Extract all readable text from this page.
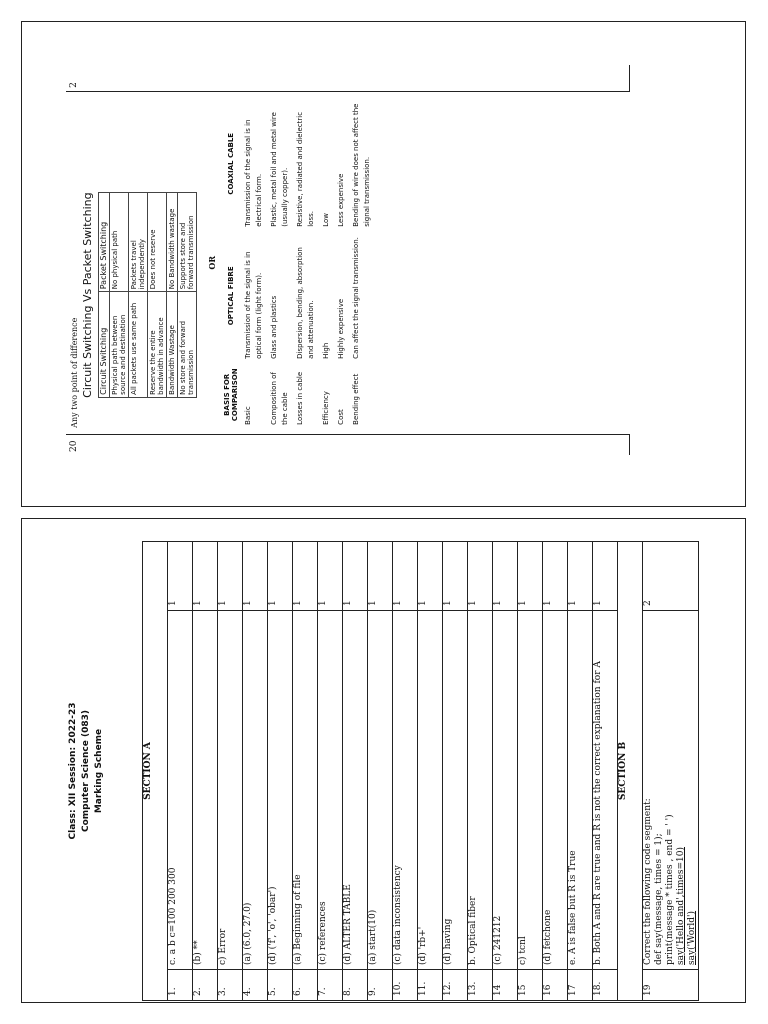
20	
Any two point of difference Circuit Switching Vs Packet Switching Circuit Switching	Packet Switching
Physical path between source and destination	No physical path
All packets use same path	Packets travel independently
Reserve the entire bandwidth in advance	Does not reserve
Bandwidth Wastage	No Bandwidth wastage
No store and forward transmission	Supports store and forward transmission OR
BASIS FOR COMPARISON	OPTICAL FIBRE	COAXIAL CABLE
Basic	Transmission of the signal is in optical form (light form).	Transmission of the signal is in electrical form.
Composition of the cable	Glass and plastics	Plastic, metal foil and metal wire (usually copper).
Losses in cable	Dispersion, bending, absorption and attenuation.	Resistive, radiated and dielectric loss.
Efficiency	High	Low
Cost	Highly expensive	Less expensive
Bending effect	Can affect the signal transmission.	Bending of wire does not affect the signal transmission.
	2
Class: XII Session: 2022-23 Computer Science (083) Marking Scheme	SECTION A		
1.	c. a b c=100 200 300	1
2.	(b) **	1
3.	c) Error	1
4.	(a) (6.0, 27.0)	1
5.	(d) ('f', 'o', 'obar')	1
6.	(a) Beginning of file	1
7.	(c) references	1
8.	(d) ALTER TABLE	1
9.	(a) start(10)	1
10.	(c) data inconsistency	1
11.	(d) 'rb+'	1
12.	(d) having	1
13.	b. Optical fiber	1
14	(c) 241212	1
15	c) tcnl	1
16	(d) fetchone	1
17	e. A is false but R is True	1
18.	b. Both A and R are true and R is not the correct explanation for A	1
SECTION B		
19	Correct the following code segment: def say(message, times = 1); print(message * times , end = ' ') say('Hello and',times=10) say('World')	2
